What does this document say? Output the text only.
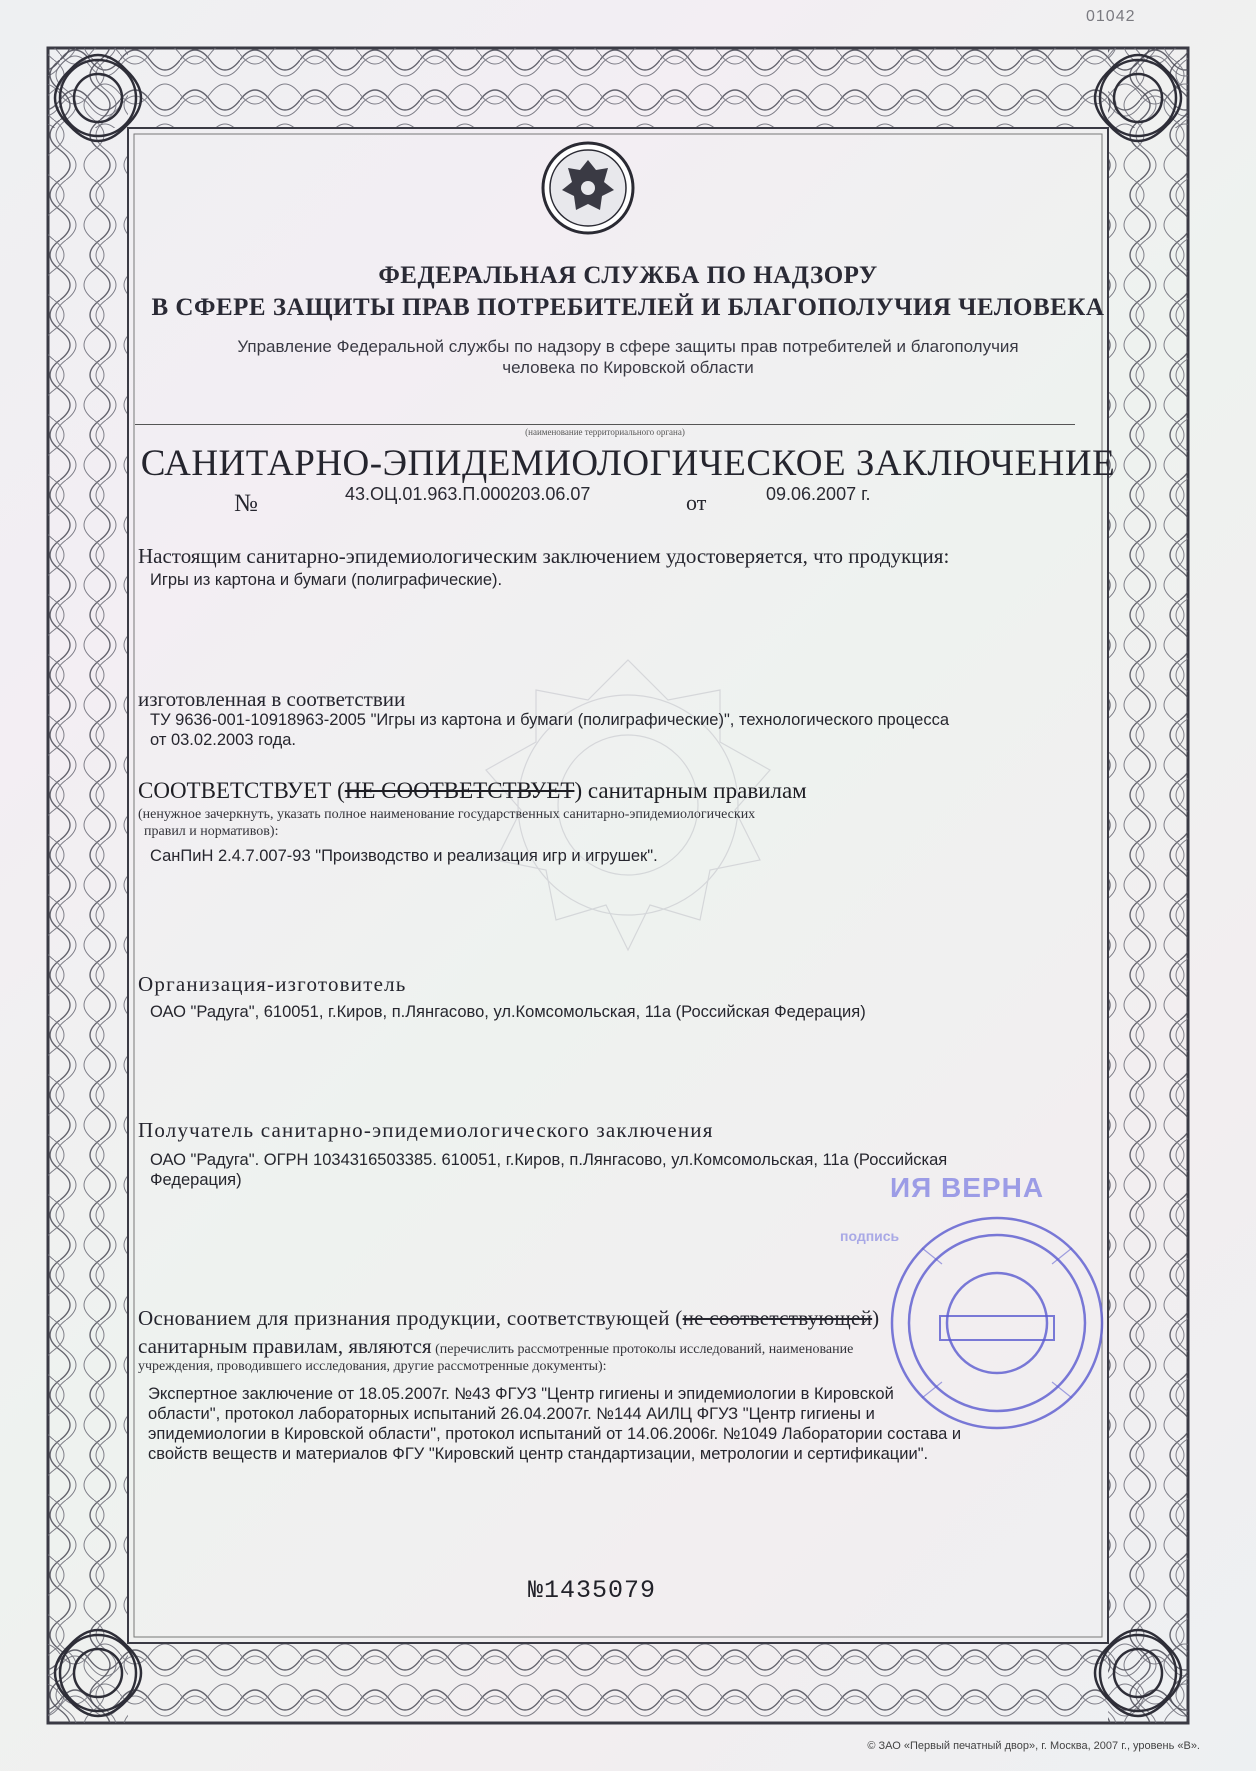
01042
ФЕДЕРАЛЬНАЯ СЛУЖБА ПО НАДЗОРУ
В СФЕРЕ ЗАЩИТЫ ПРАВ ПОТРЕБИТЕЛЕЙ И БЛАГОПОЛУЧИЯ ЧЕЛОВЕКА
Управление Федеральной службы по надзору в сфере защиты прав потребителей и благополучия
человека по Кировской области
(наименование территориального органа)
САНИТАРНО-ЭПИДЕМИОЛОГИЧЕСКОЕ ЗАКЛЮЧЕНИЕ
№	43.ОЦ.01.963.П.000203.06.07	от	09.06.2007 г.
Настоящим санитарно-эпидемиологическим заключением удостоверяется, что продукция:
Игры из картона и бумаги (полиграфические).
изготовленная в соответствии
ТУ 9636-001-10918963-2005 "Игры из картона и бумаги (полиграфические)", технологического процесса
от 03.02.2003 года.
СООТВЕТСТВУЕТ (НЕ СООТВЕТСТВУЕТ) санитарным правилам
(ненужное зачеркнуть, указать полное наименование государственных санитарно-эпидемиологических
правил и нормативов):
СанПиН 2.4.7.007-93 "Производство и реализация игр и игрушек".
Организация-изготовитель
ОАО "Радуга", 610051, г.Киров, п.Лянгасово, ул.Комсомольская, 11а (Российская Федерация)
Получатель санитарно-эпидемиологического заключения
ОАО "Радуга". ОГРН 1034316503385. 610051, г.Киров, п.Лянгасово, ул.Комсомольская, 11а (Российская
Федерация)	ИЯ ВЕРНА
подпись
Основанием для признания продукции, соответствующей (не соответствующей)
санитарным правилам, являются (перечислить рассмотренные протоколы исследований, наименование
учреждения, проводившего исследования, другие рассмотренные документы):
Экспертное заключение от 18.05.2007г. №43 ФГУЗ "Центр гигиены и эпидемиологии в Кировской
области", протокол лабораторных испытаний 26.04.2007г. №144 АИЛЦ ФГУЗ "Центр гигиены и
эпидемиологии в Кировской области", протокол испытаний от 14.06.2006г. №1049 Лаборатории состава и
свойств веществ и материалов ФГУ "Кировский центр стандартизации, метрологии и сертификации".
№1435079
© ЗАО «Первый печатный двор», г. Москва, 2007 г., уровень «В».
